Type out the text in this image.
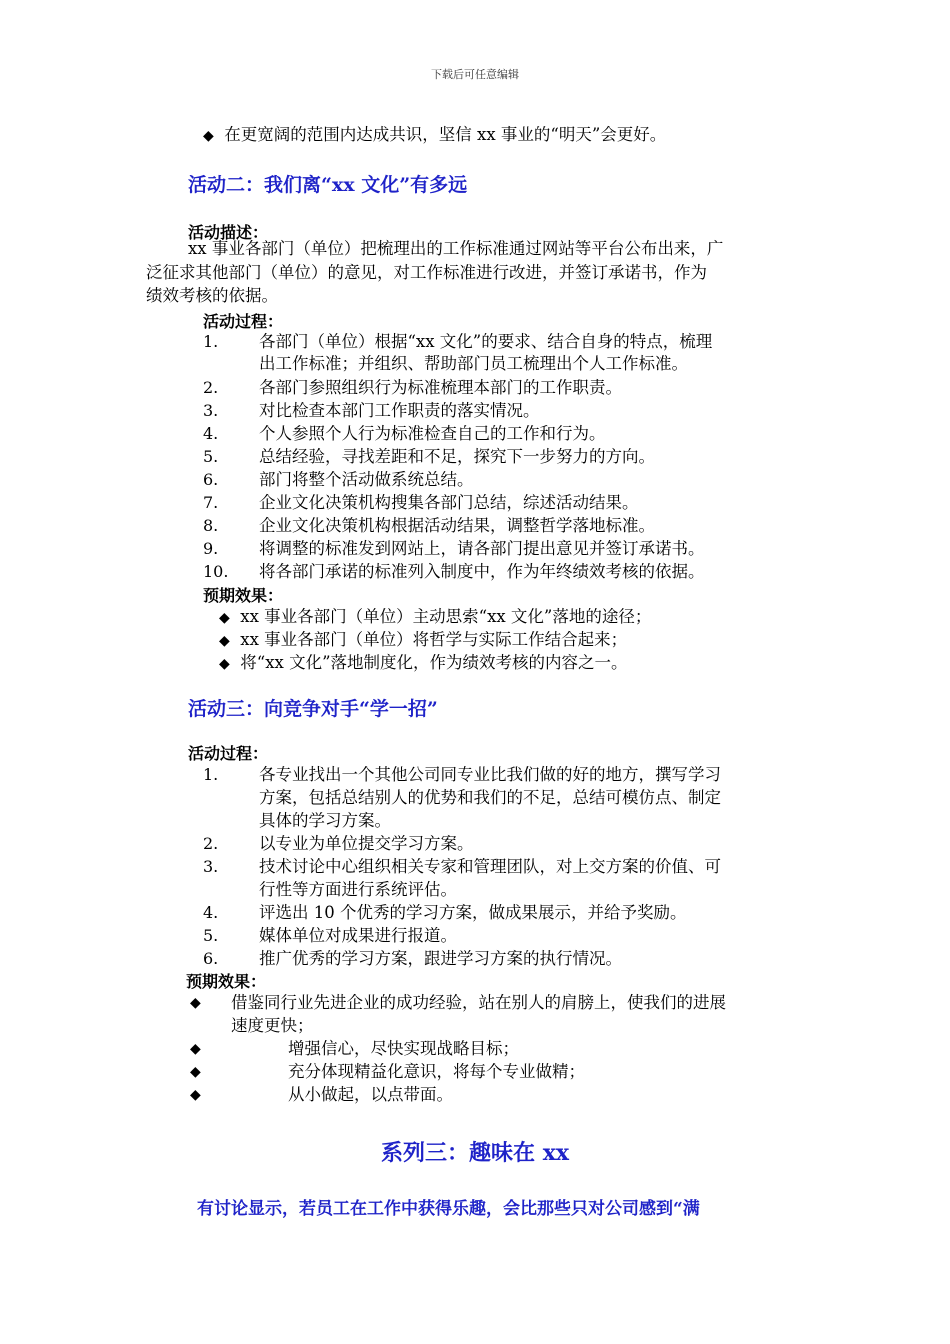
下载后可任意编辑
◆ 在更宽阔的范围内达成共识，坚信 xx 事业的“明天”会更好。
活动二：我们离“xx 文化”有多远
活动描述：
xx 事业各部门（单位）把梳理出的工作标准通过网站等平台公布出来，广
泛征求其他部门（单位）的意见，对工作标准进行改进，并签订承诺书，作为
绩效考核的依据。
活动过程：
1. 各部门（单位）根据“xx 文化”的要求、结合自身的特点，梳理
出工作标准；并组织、帮助部门员工梳理出个人工作标准。
2. 各部门参照组织行为标准梳理本部门的工作职责。
3. 对比检查本部门工作职责的落实情况。
4. 个人参照个人行为标准检查自己的工作和行为。
5. 总结经验，寻找差距和不足，探究下一步努力的方向。
6. 部门将整个活动做系统总结。
7. 企业文化决策机构搜集各部门总结，综述活动结果。
8. 企业文化决策机构根据活动结果，调整哲学落地标准。
9. 将调整的标准发到网站上，请各部门提出意见并签订承诺书。
10. 将各部门承诺的标准列入制度中，作为年终绩效考核的依据。
预期效果：
◆ xx 事业各部门（单位）主动思索“xx 文化”落地的途径；
◆ xx 事业各部门（单位）将哲学与实际工作结合起来；
◆ 将“xx 文化”落地制度化，作为绩效考核的内容之一。
活动三：向竞争对手“学一招”
活动过程：
1. 各专业找出一个其他公司同专业比我们做的好的地方，撰写学习
方案，包括总结别人的优势和我们的不足，总结可模仿点、制定
具体的学习方案。
2. 以专业为单位提交学习方案。
3. 技术讨论中心组织相关专家和管理团队，对上交方案的价值、可
行性等方面进行系统评估。
4. 评选出 10 个优秀的学习方案，做成果展示，并给予奖励。
5. 媒体单位对成果进行报道。
6. 推广优秀的学习方案，跟进学习方案的执行情况。
预期效果：
◆ 借鉴同行业先进企业的成功经验，站在别人的肩膀上，使我们的进展
速度更快；
◆	增强信心，尽快实现战略目标；
◆	充分体现精益化意识，将每个专业做精；
◆	从小做起，以点带面。
系列三：趣味在 xx
有讨论显示，若员工在工作中获得乐趣，会比那些只对公司感到“满
